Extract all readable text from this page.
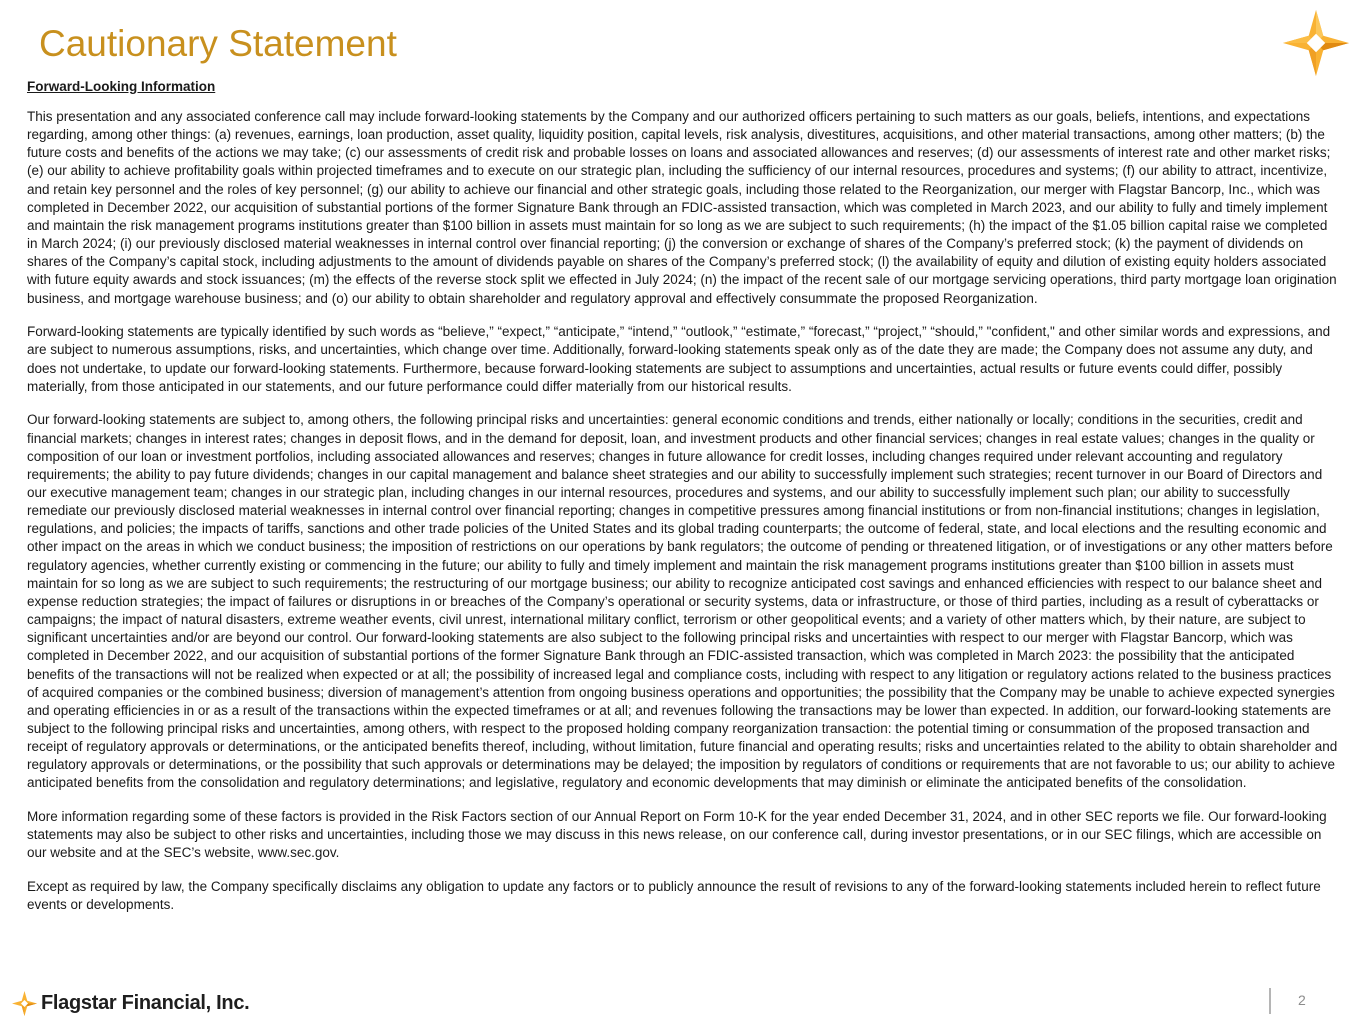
Cautionary Statement
Forward-Looking Information

This presentation and any associated conference call may include forward-looking statements by the Company and our authorized officers pertaining to such matters as our goals, beliefs, intentions, and expectations regarding, among other things: (a) revenues, earnings, loan production, asset quality, liquidity position, capital levels, risk analysis, divestitures, acquisitions, and other material transactions, among other matters; (b) the future costs and benefits of the actions we may take; (c) our assessments of credit risk and probable losses on loans and associated allowances and reserves; (d) our assessments of interest rate and other market risks; (e) our ability to achieve profitability goals within projected timeframes and to execute on our strategic plan, including the sufficiency of our internal resources, procedures and systems; (f) our ability to attract, incentivize, and retain key personnel and the roles of key personnel; (g) our ability to achieve our financial and other strategic goals, including those related to the Reorganization, our merger with Flagstar Bancorp, Inc., which was completed in December 2022, our acquisition of substantial portions of the former Signature Bank through an FDIC-assisted transaction, which was completed in March 2023, and our ability to fully and timely implement and maintain the risk management programs institutions greater than $100 billion in assets must maintain for so long as we are subject to such requirements; (h) the impact of the $1.05 billion capital raise we completed in March 2024; (i) our previously disclosed material weaknesses in internal control over financial reporting; (j) the conversion or exchange of shares of the Company’s preferred stock; (k) the payment of dividends on shares of the Company’s capital stock, including adjustments to the amount of dividends payable on shares of the Company’s preferred stock; (l) the availability of equity and dilution of existing equity holders associated with future equity awards and stock issuances; (m) the effects of the reverse stock split we effected in July 2024; (n) the impact of the recent sale of our mortgage servicing operations, third party mortgage loan origination business, and mortgage warehouse business; and (o) our ability to obtain shareholder and regulatory approval and effectively consummate the proposed Reorganization.

Forward-looking statements are typically identified by such words as “believe,” “expect,” “anticipate,” “intend,” “outlook,” “estimate,” “forecast,” “project,” “should,” "confident," and other similar words and expressions, and are subject to numerous assumptions, risks, and uncertainties, which change over time. Additionally, forward-looking statements speak only as of the date they are made; the Company does not assume any duty, and does not undertake, to update our forward-looking statements. Furthermore, because forward-looking statements are subject to assumptions and uncertainties, actual results or future events could differ, possibly materially, from those anticipated in our statements, and our future performance could differ materially from our historical results.

Our forward-looking statements are subject to, among others, the following principal risks and uncertainties: general economic conditions and trends, either nationally or locally; conditions in the securities, credit and financial markets; changes in interest rates; changes in deposit flows, and in the demand for deposit, loan, and investment products and other financial services; changes in real estate values; changes in the quality or composition of our loan or investment portfolios, including associated allowances and reserves; changes in future allowance for credit losses, including changes required under relevant accounting and regulatory requirements; the ability to pay future dividends; changes in our capital management and balance sheet strategies and our ability to successfully implement such strategies; recent turnover in our Board of Directors and our executive management team; changes in our strategic plan, including changes in our internal resources, procedures and systems, and our ability to successfully implement such plan; our ability to successfully remediate our previously disclosed material weaknesses in internal control over financial reporting; changes in competitive pressures among financial institutions or from non-financial institutions; changes in legislation, regulations, and policies; the impacts of tariffs, sanctions and other trade policies of the United States and its global trading counterparts; the outcome of federal, state, and local elections and the resulting economic and other impact on the areas in which we conduct business; the imposition of restrictions on our operations by bank regulators; the outcome of pending or threatened litigation, or of investigations or any other matters before regulatory agencies, whether currently existing or commencing in the future; our ability to fully and timely implement and maintain the risk management programs institutions greater than $100 billion in assets must maintain for so long as we are subject to such requirements; the restructuring of our mortgage business; our ability to recognize anticipated cost savings and enhanced efficiencies with respect to our balance sheet and expense reduction strategies; the impact of failures or disruptions in or breaches of the Company’s operational or security systems, data or infrastructure, or those of third parties, including as a result of cyberattacks or campaigns; the impact of natural disasters, extreme weather events, civil unrest, international military conflict, terrorism or other geopolitical events; and a variety of other matters which, by their nature, are subject to significant uncertainties and/or are beyond our control. Our forward-looking statements are also subject to the following principal risks and uncertainties with respect to our merger with Flagstar Bancorp, which was completed in December 2022, and our acquisition of substantial portions of the former Signature Bank through an FDIC-assisted transaction, which was completed in March 2023: the possibility that the anticipated benefits of the transactions will not be realized when expected or at all; the possibility of increased legal and compliance costs, including with respect to any litigation or regulatory actions related to the business practices of acquired companies or the combined business; diversion of management’s attention from ongoing business operations and opportunities; the possibility that the Company may be unable to achieve expected synergies and operating efficiencies in or as a result of the transactions within the expected timeframes or at all; and revenues following the transactions may be lower than expected. In addition, our forward-looking statements are subject to the following principal risks and uncertainties, among others, with respect to the proposed holding company reorganization transaction: the potential timing or consummation of the proposed transaction and receipt of regulatory approvals or determinations, or the anticipated benefits thereof, including, without limitation, future financial and operating results; risks and uncertainties related to the ability to obtain shareholder and regulatory approvals or determinations, or the possibility that such approvals or determinations may be delayed; the imposition by regulators of conditions or requirements that are not favorable to us; our ability to achieve anticipated benefits from the consolidation and regulatory determinations; and legislative, regulatory and economic developments that may diminish or eliminate the anticipated benefits of the consolidation.

More information regarding some of these factors is provided in the Risk Factors section of our Annual Report on Form 10-K for the year ended December 31, 2024, and in other SEC reports we file. Our forward-looking statements may also be subject to other risks and uncertainties, including those we may discuss in this news release, on our conference call, during investor presentations, or in our SEC filings, which are accessible on our website and at the SEC’s website, www.sec.gov.

Except as required by law, the Company specifically disclaims any obligation to update any factors or to publicly announce the result of revisions to any of the forward-looking statements included herein to reflect future events or developments.

Flagstar Financial, Inc.	2
